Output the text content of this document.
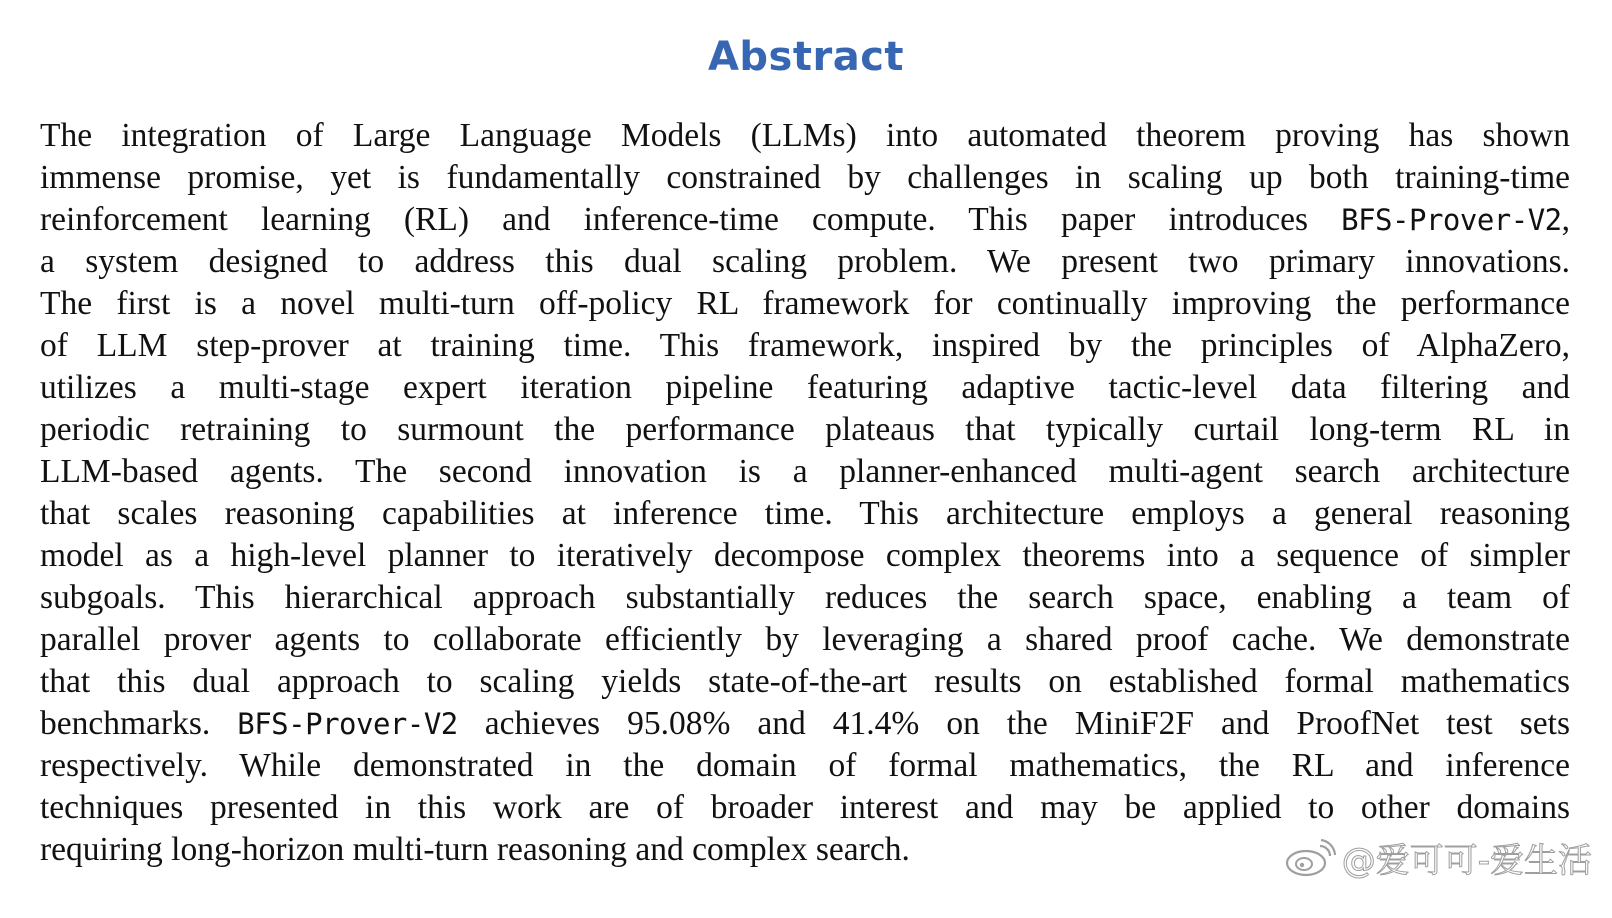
Abstract
The integration of Large Language Models (LLMs) into automated theorem proving has shown
immense promise, yet is fundamentally constrained by challenges in scaling up both training-time
reinforcement learning (RL) and inference-time compute. This paper introduces BFS-Prover-V2,
a system designed to address this dual scaling problem. We present two primary innovations.
The first is a novel multi-turn off-policy RL framework for continually improving the performance
of LLM step-prover at training time. This framework, inspired by the principles of AlphaZero,
utilizes a multi-stage expert iteration pipeline featuring adaptive tactic-level data filtering and
periodic retraining to surmount the performance plateaus that typically curtail long-term RL in
LLM-based agents. The second innovation is a planner-enhanced multi-agent search architecture
that scales reasoning capabilities at inference time. This architecture employs a general reasoning
model as a high-level planner to iteratively decompose complex theorems into a sequence of simpler
subgoals. This hierarchical approach substantially reduces the search space, enabling a team of
parallel prover agents to collaborate efficiently by leveraging a shared proof cache. We demonstrate
that this dual approach to scaling yields state-of-the-art results on established formal mathematics
benchmarks. BFS-Prover-V2 achieves 95.08% and 41.4% on the MiniF2F and ProofNet test sets
respectively. While demonstrated in the domain of formal mathematics, the RL and inference
techniques presented in this work are of broader interest and may be applied to other domains
requiring long-horizon multi-turn reasoning and complex search.	@爱可可-爱生活
